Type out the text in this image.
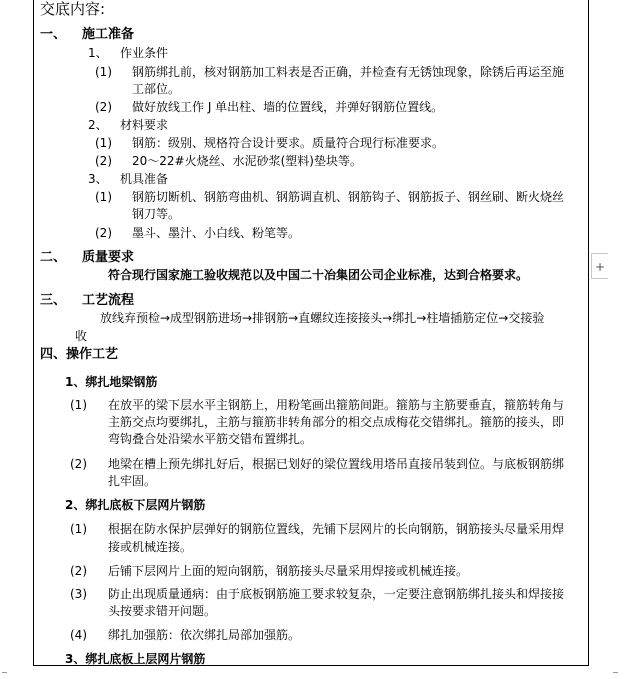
交底内容:
一、 施工准备
1、 作业条件
(1) 钢筋绑扎前，核对钢筋加工料表是否正确，并检查有无锈蚀现象，除锈后再运至施
工部位。
(2) 做好放线工作 J 单出柱、墙的位置线，并弹好钢筋位置线。
2、 材料要求
(1) 钢筋：级别、规格符合设计要求。质量符合现行标准要求。
(2) 20～22#火烧丝、水泥砂浆(塑料)垫块等。
3、 机具准备
(1) 钢筋切断机、钢筋弯曲机、钢筋调直机、钢筋钩子、钢筋扳子、钢丝刷、断火烧丝
钢刀等。
(2) 墨斗、墨汁、小白线、粉笔等。
二、 质量要求
符合现行国家施工验收规范以及中国二十冶集团公司企业标准，达到合格要求。
三、 工艺流程
放线弃预检→成型钢筋进场→排钢筋→直螺纹连接接头→绑扎→柱墙插筋定位→交接验
收
四、操作工艺
1、绑扎地梁钢筋
(1) 在放平的梁下层水平主钢筋上，用粉笔画出箍筋间距。箍筋与主筋要垂直，箍筋转角与
主筋交点均要绑扎，主筋与箍筋非转角部分的相交点成梅花交错绑扎。箍筋的接头，即
弯钩叠合处沿梁水平筋交错布置绑扎。
(2) 地梁在槽上预先绑扎好后，根据已划好的梁位置线用塔吊直接吊装到位。与底板钢筋绑
扎牢固。
2、绑扎底板下层网片钢筋
(1) 根据在防水保护层弹好的钢筋位置线，先铺下层网片的长向钢筋，钢筋接头尽量采用焊
接或机械连接。
(2) 后铺下层网片上面的短向钢筋，钢筋接头尽量采用焊接或机械连接。
(3) 防止出现质量通病：由于底板钢筋施工要求较复杂，一定要注意钢筋绑扎接头和焊接接
头按要求错开问题。
(4) 绑扎加强筋：依次绑扎局部加强筋。
3、绑扎底板上层网片钢筋
+
